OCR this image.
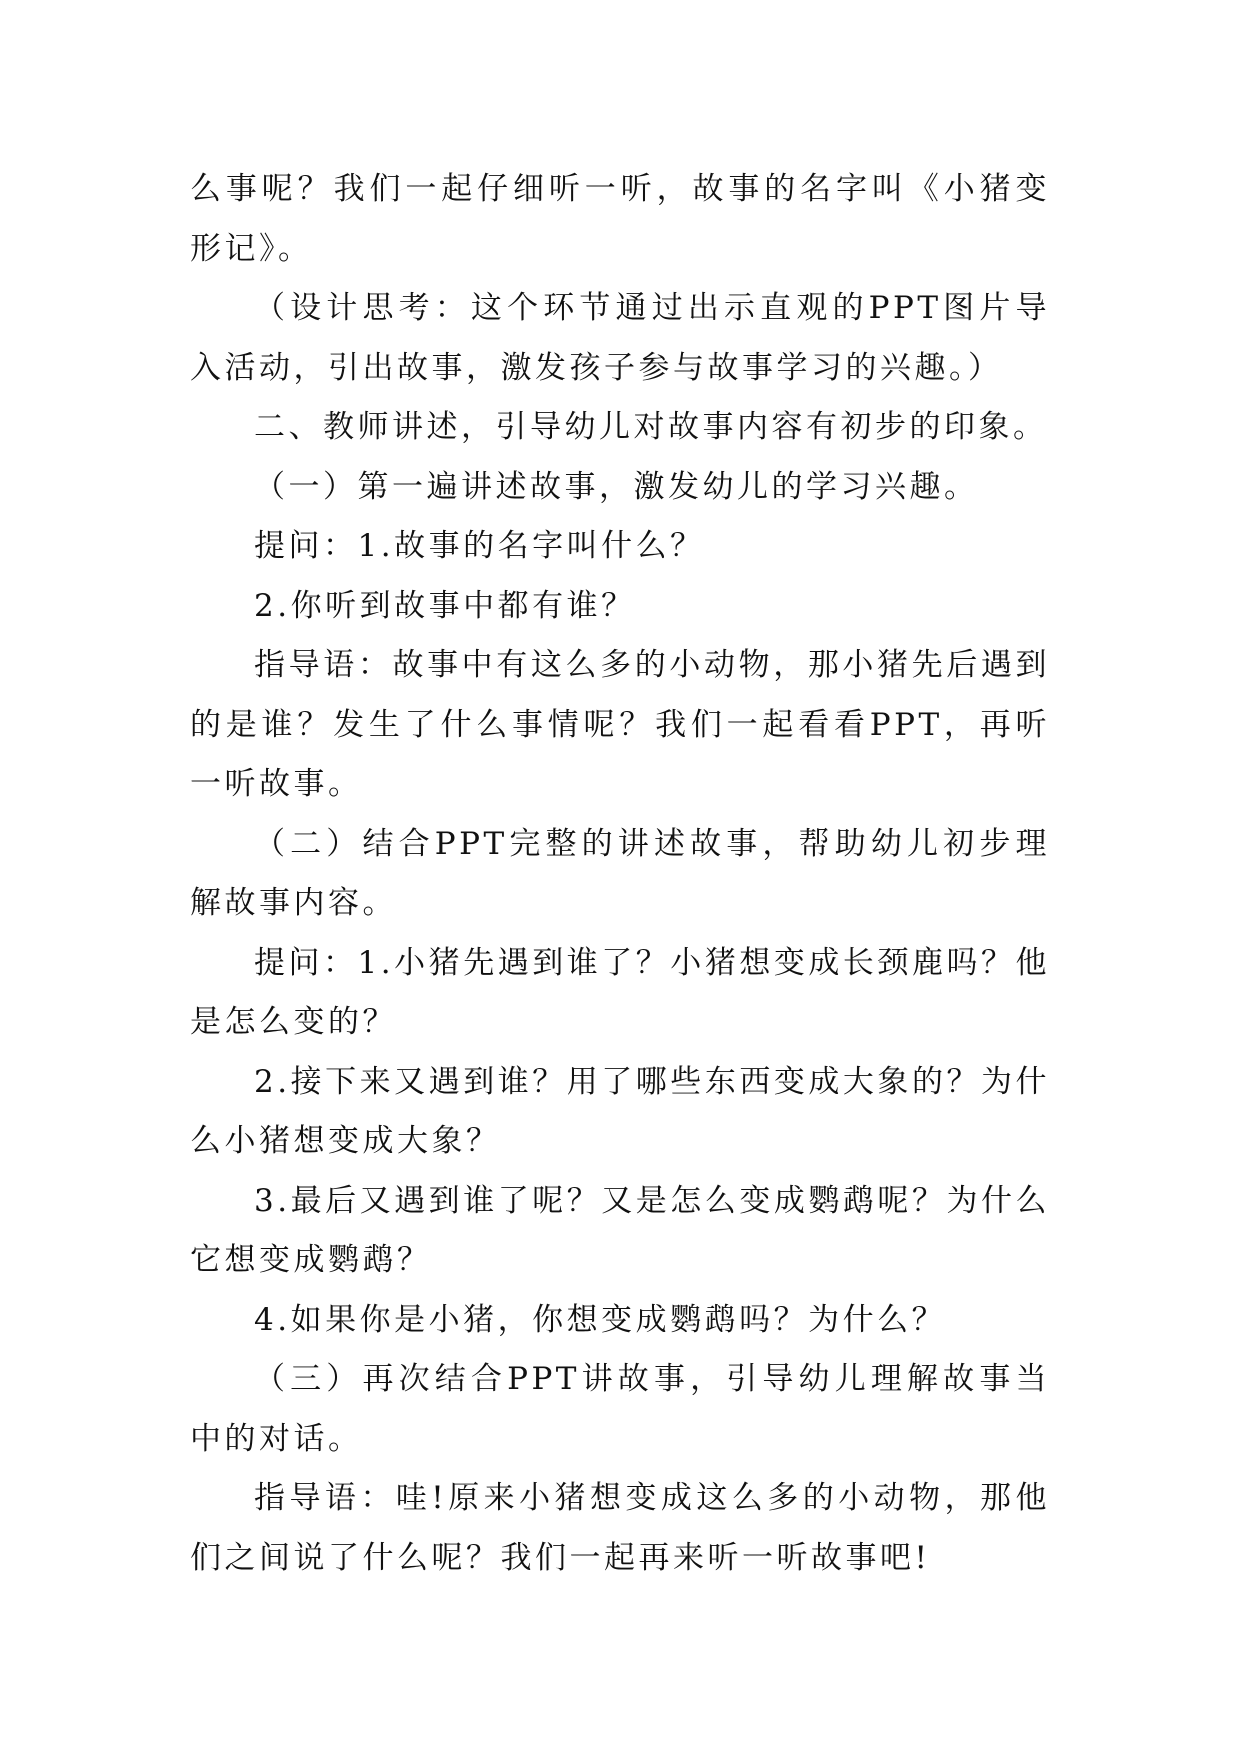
么事呢？我们一起仔细听一听，故事的名字叫《小猪变形记》。

（设计思考：这个环节通过出示直观的PPT图片导入活动，引出故事，激发孩子参与故事学习的兴趣。）

二、教师讲述，引导幼儿对故事内容有初步的印象。

（一）第一遍讲述故事，激发幼儿的学习兴趣。

提问：1.故事的名字叫什么？

2.你听到故事中都有谁？

指导语：故事中有这么多的小动物，那小猪先后遇到的是谁？发生了什么事情呢？我们一起看看PPT，再听一听故事。

（二）结合PPT完整的讲述故事，帮助幼儿初步理解故事内容。

提问：1.小猪先遇到谁了？小猪想变成长颈鹿吗？他是怎么变的？

2.接下来又遇到谁？用了哪些东西变成大象的？为什么小猪想变成大象？

3.最后又遇到谁了呢？又是怎么变成鹦鹉呢？为什么它想变成鹦鹉？

4.如果你是小猪，你想变成鹦鹉吗？为什么？

（三）再次结合PPT讲故事，引导幼儿理解故事当中的对话。

指导语：哇!原来小猪想变成这么多的小动物，那他们之间说了什么呢？我们一起再来听一听故事吧!
